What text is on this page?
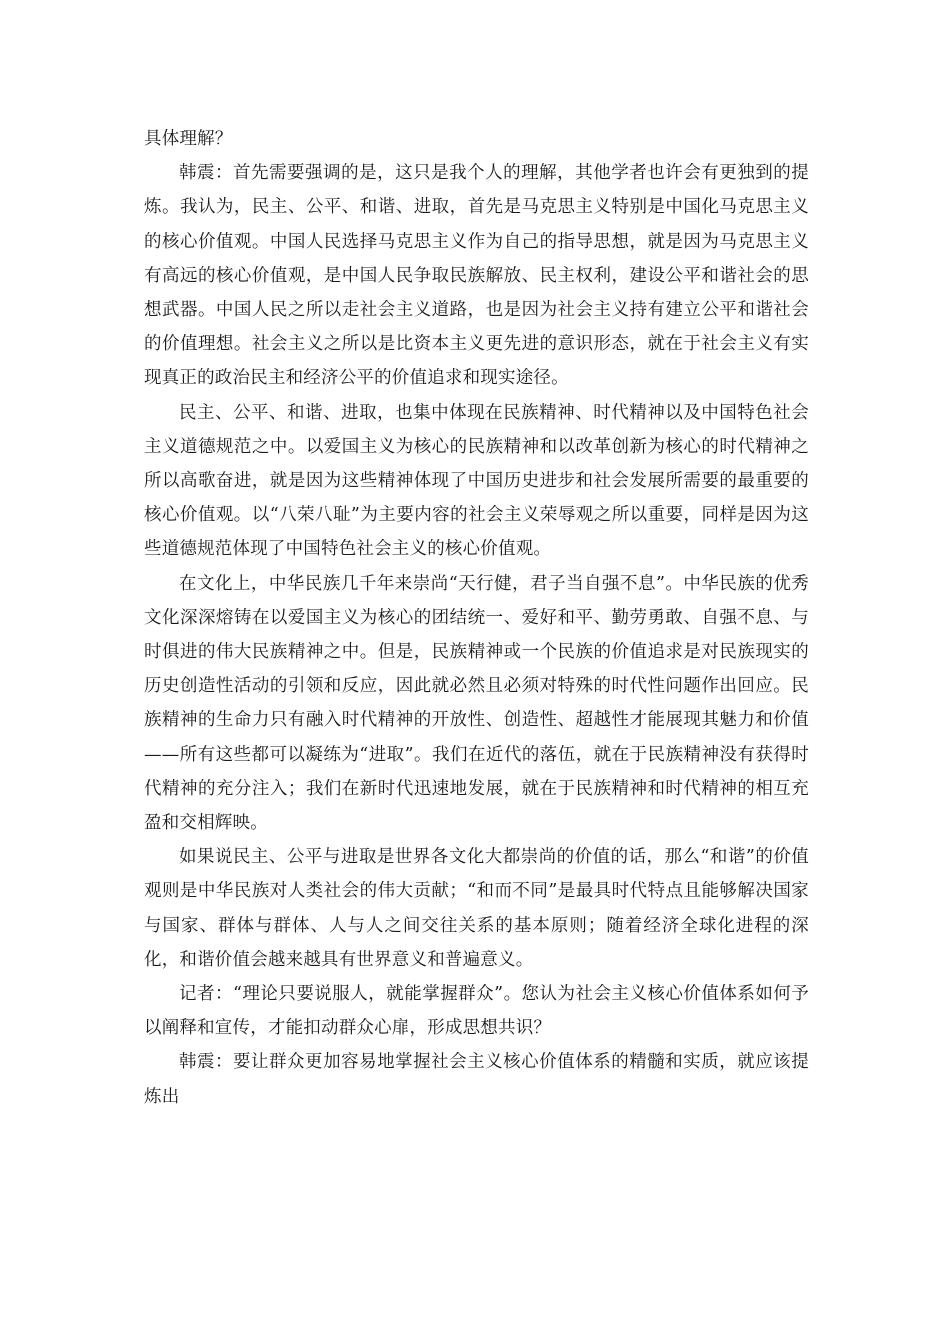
具体理解？

韩震：首先需要强调的是，这只是我个人的理解，其他学者也许会有更独到的提炼。我认为，民主、公平、和谐、进取，首先是马克思主义特别是中国化马克思主义的核心价值观。中国人民选择马克思主义作为自己的指导思想，就是因为马克思主义有高远的核心价值观，是中国人民争取民族解放、民主权利，建设公平和谐社会的思想武器。中国人民之所以走社会主义道路，也是因为社会主义持有建立公平和谐社会的价值理想。社会主义之所以是比资本主义更先进的意识形态，就在于社会主义有实现真正的政治民主和经济公平的价值追求和现实途径。

民主、公平、和谐、进取，也集中体现在民族精神、时代精神以及中国特色社会主义道德规范之中。以爱国主义为核心的民族精神和以改革创新为核心的时代精神之所以高歌奋进，就是因为这些精神体现了中国历史进步和社会发展所需要的最重要的核心价值观。以“八荣八耻”为主要内容的社会主义荣辱观之所以重要，同样是因为这些道德规范体现了中国特色社会主义的核心价值观。

在文化上，中华民族几千年来崇尚“天行健，君子当自强不息”。中华民族的优秀文化深深熔铸在以爱国主义为核心的团结统一、爱好和平、勤劳勇敢、自强不息、与时俱进的伟大民族精神之中。但是，民族精神或一个民族的价值追求是对民族现实的历史创造性活动的引领和反应，因此就必然且必须对特殊的时代性问题作出回应。民族精神的生命力只有融入时代精神的开放性、创造性、超越性才能展现其魅力和价值——所有这些都可以凝练为“进取”。我们在近代的落伍，就在于民族精神没有获得时代精神的充分注入；我们在新时代迅速地发展，就在于民族精神和时代精神的相互充盈和交相辉映。

如果说民主、公平与进取是世界各文化大都崇尚的价值的话，那么“和谐”的价值观则是中华民族对人类社会的伟大贡献；“和而不同”是最具时代特点且能够解决国家与国家、群体与群体、人与人之间交往关系的基本原则；随着经济全球化进程的深化，和谐价值会越来越具有世界意义和普遍意义。

记者：“理论只要说服人，就能掌握群众”。您认为社会主义核心价值体系如何予以阐释和宣传，才能扣动群众心扉，形成思想共识？

韩震：要让群众更加容易地掌握社会主义核心价值体系的精髓和实质，就应该提炼出
